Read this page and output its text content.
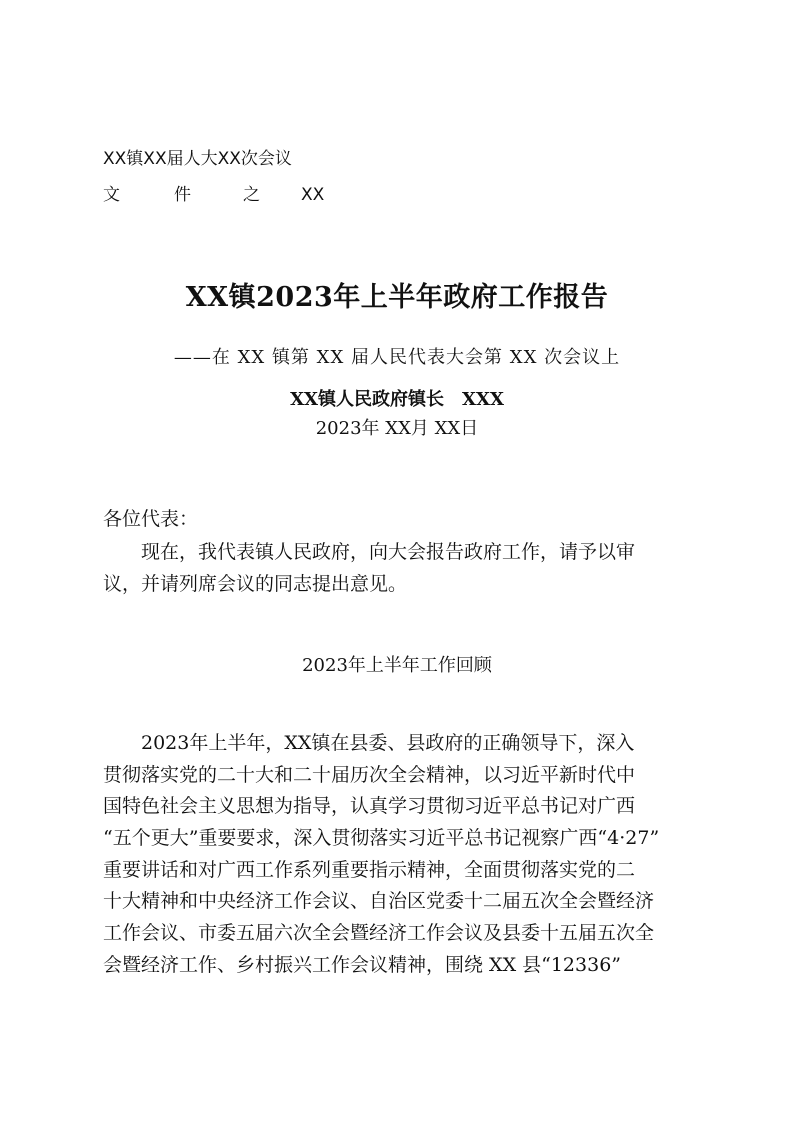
XX镇XX届人大XX次会议
文	件	之 XX
XX镇2023年上半年政府工作报告
——在 XX 镇第 XX 届人民代表大会第 XX 次会议上
XX镇人民政府镇长　XXX
2023年 XX月 XX日
各位代表：
　　现在，我代表镇人民政府，向大会报告政府工作，请予以审
议，并请列席会议的同志提出意见。
2023年上半年工作回顾
　　2023年上半年，XX镇在县委、县政府的正确领导下，深入
贯彻落实党的二十大和二十届历次全会精神，以习近平新时代中
国特色社会主义思想为指导，认真学习贯彻习近平总书记对广西
“五个更大”重要要求，深入贯彻落实习近平总书记视察广西“4·27”
重要讲话和对广西工作系列重要指示精神，全面贯彻落实党的二
十大精神和中央经济工作会议、自治区党委十二届五次全会暨经济
工作会议、市委五届六次全会暨经济工作会议及县委十五届五次全
会暨经济工作、乡村振兴工作会议精神，围绕 XX 县“12336”
